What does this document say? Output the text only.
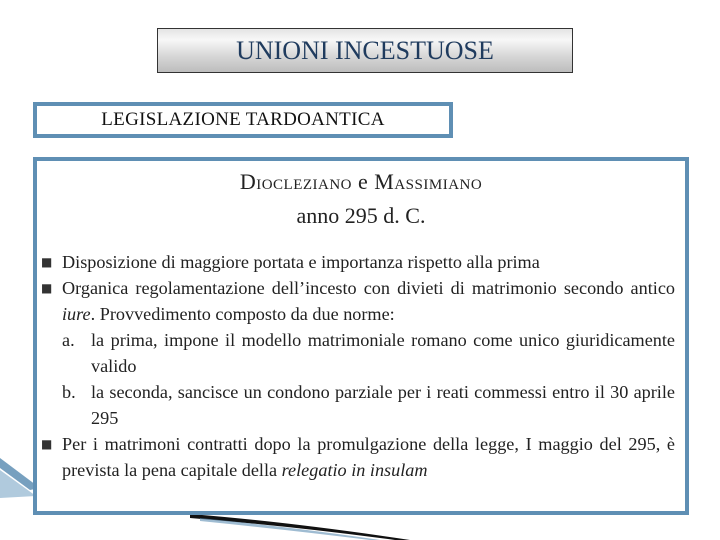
UNIONI INCESTUOSE
LEGISLAZIONE TARDOANTICA
Diocleziano e Massimiano
anno 295 d. C.
■ Disposizione di maggiore portata e importanza rispetto alla prima
■ Organica regolamentazione dell’incesto con divieti di matrimonio secondo antico iure. Provvedimento composto da due norme:
a. la prima, impone il modello matrimoniale romano come unico giuridicamente valido
b. la seconda, sancisce un condono parziale per i reati commessi entro il 30 aprile 295
■ Per i matrimoni contratti dopo la promulgazione della legge, I maggio del 295, è prevista la pena capitale della relegatio in insulam
